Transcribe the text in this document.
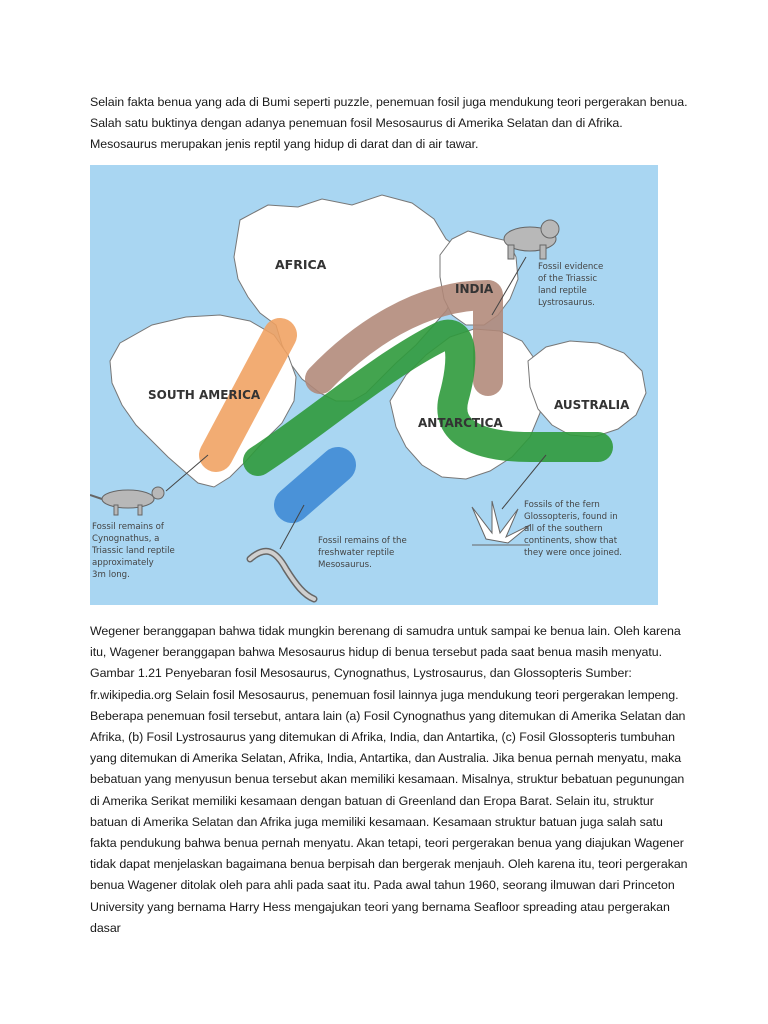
Selain fakta benua yang ada di Bumi seperti puzzle, penemuan fosil juga mendukung teori pergerakan benua. Salah satu buktinya dengan adanya penemuan fosil Mesosaurus di Amerika Selatan dan di Afrika. Mesosaurus merupakan jenis reptil yang hidup di darat dan di air tawar.

AFRICA
INDIA
SOUTH AMERICA
ANTARCTICA
AUSTRALIA
Fossil evidence of the Triassic land reptile Lystrosaurus.
Fossil remains of Cynognathus, a Triassic land reptile approximately 3m long.
Fossil remains of the freshwater reptile Mesosaurus.
Fossils of the fern Glossopteris, found in all of the southern continents, show that they were once joined.

Wegener beranggapan bahwa tidak mungkin berenang di samudra untuk sampai ke benua lain. Oleh karena itu, Wagener beranggapan bahwa Mesosaurus hidup di benua tersebut pada saat benua masih menyatu. Gambar 1.21 Penyebaran fosil Mesosaurus, Cynognathus, Lystrosaurus, dan Glossopteris Sumber: fr.wikipedia.org Selain fosil Mesosaurus, penemuan fosil lainnya juga mendukung teori pergerakan lempeng. Beberapa penemuan fosil tersebut, antara lain (a) Fosil Cynognathus yang ditemukan di Amerika Selatan dan Afrika, (b) Fosil Lystrosaurus yang ditemukan di Afrika, India, dan Antartika, (c) Fosil Glossopteris tumbuhan yang ditemukan di Amerika Selatan, Afrika, India, Antartika, dan Australia. Jika benua pernah menyatu, maka bebatuan yang menyusun benua tersebut akan memiliki kesamaan. Misalnya, struktur bebatuan pegunungan di Amerika Serikat memiliki kesamaan dengan batuan di Greenland dan Eropa Barat. Selain itu, struktur batuan di Amerika Selatan dan Afrika juga memiliki kesamaan. Kesamaan struktur batuan juga salah satu fakta pendukung bahwa benua pernah menyatu. Akan tetapi, teori pergerakan benua yang diajukan Wagener tidak dapat menjelaskan bagaimana benua berpisah dan bergerak menjauh. Oleh karena itu, teori pergerakan benua Wagener ditolak oleh para ahli pada saat itu. Pada awal tahun 1960, seorang ilmuwan dari Princeton University yang bernama Harry Hess mengajukan teori yang bernama Seafloor spreading atau pergerakan dasar
